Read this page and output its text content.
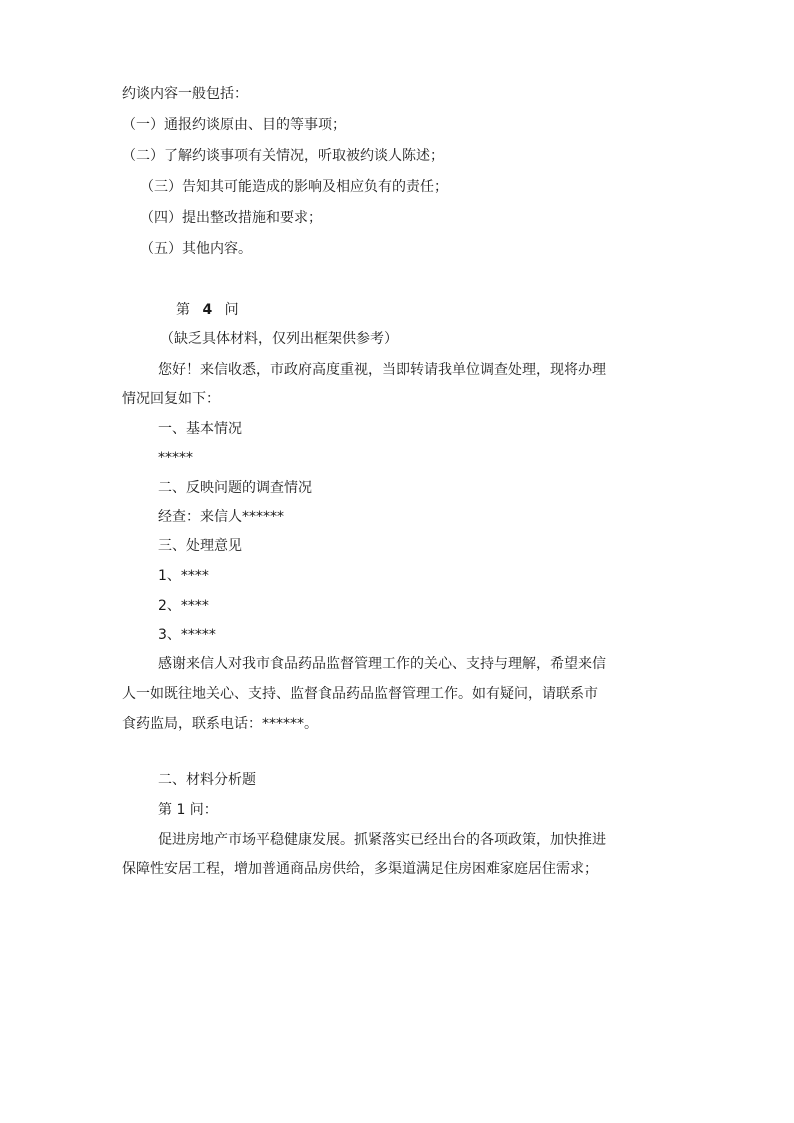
约谈内容一般包括：
（一）通报约谈原由、目的等事项；
（二）了解约谈事项有关情况，听取被约谈人陈述；
（三）告知其可能造成的影响及相应负有的责任；
（四）提出整改措施和要求；
（五）其他内容。
第 4 问
（缺乏具体材料，仅列出框架供参考）
您好！来信收悉，市政府高度重视，当即转请我单位调查处理，现将办理
情况回复如下：
一、基本情况
*****
二、反映问题的调查情况
经查：来信人******
三、处理意见
1、****
2、****
3、*****
感谢来信人对我市食品药品监督管理工作的关心、支持与理解，希望来信
人一如既往地关心、支持、监督食品药品监督管理工作。如有疑问，请联系市
食药监局，联系电话：******。
二、材料分析题
第 1 问：
促进房地产市场平稳健康发展。抓紧落实已经出台的各项政策，加快推进
保障性安居工程，增加普通商品房供给，多渠道满足住房困难家庭居住需求；
